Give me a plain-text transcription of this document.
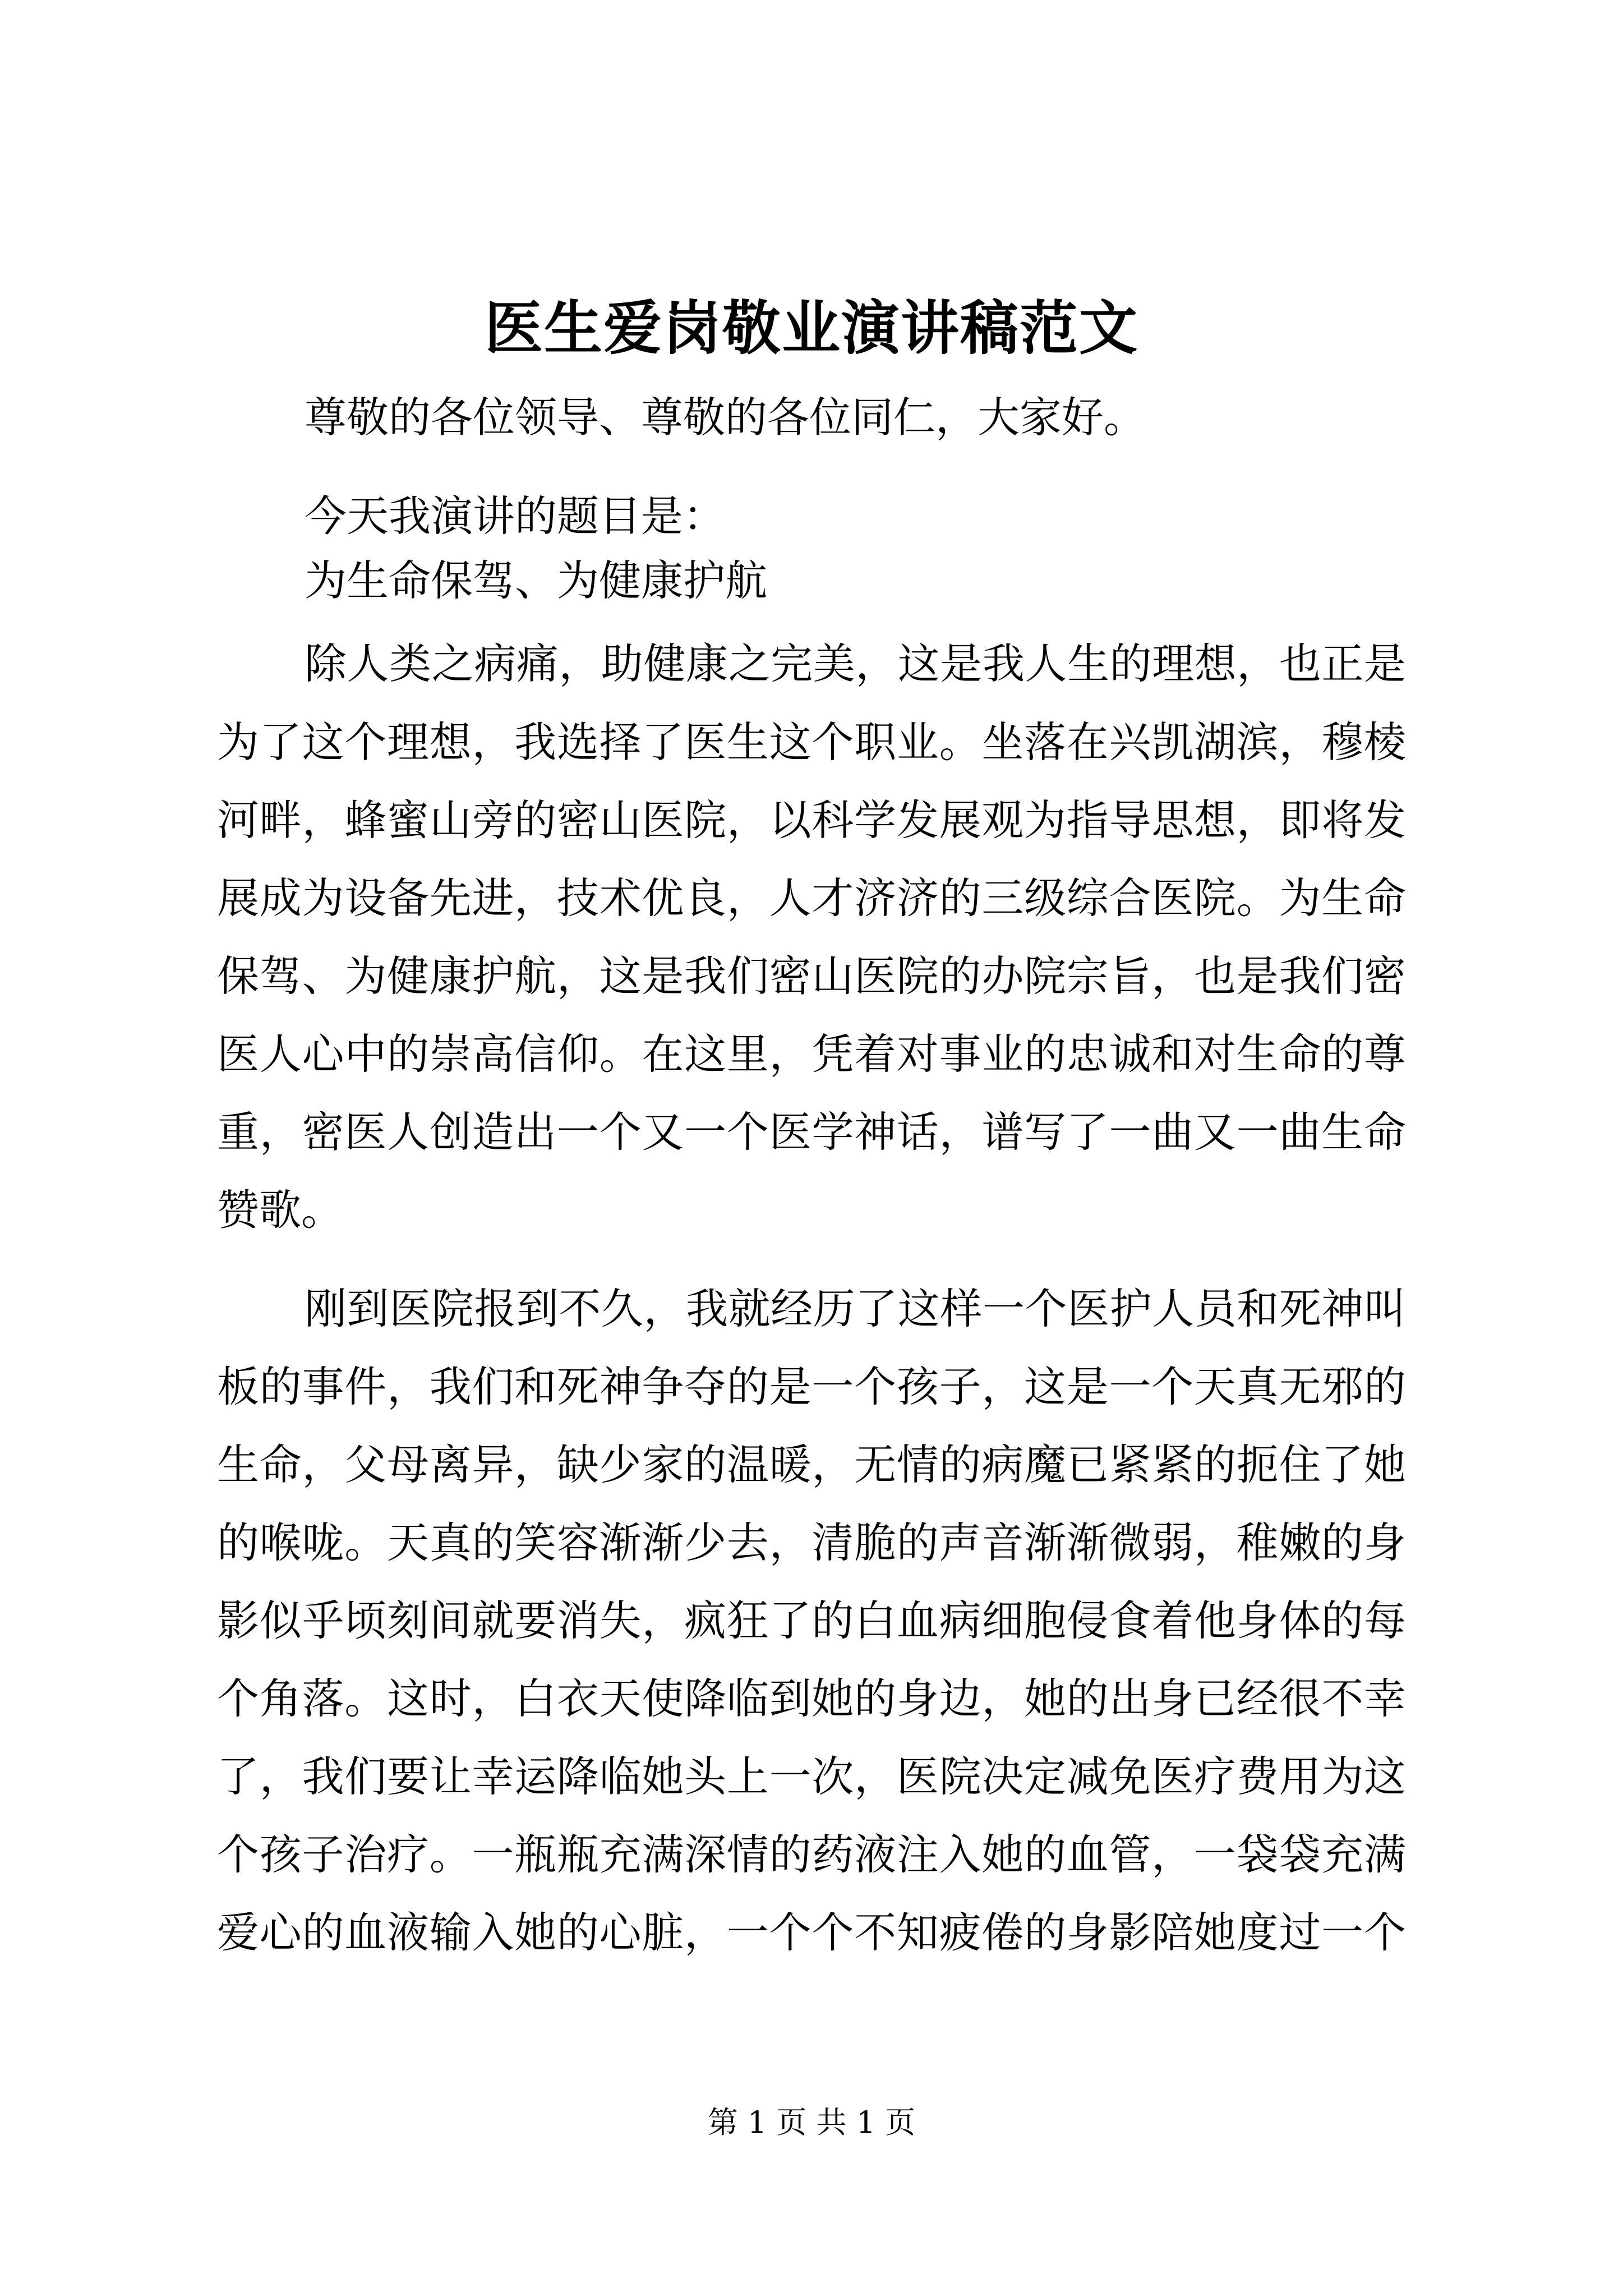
医生爱岗敬业演讲稿范文
尊敬的各位领导、尊敬的各位同仁，大家好。
今天我演讲的题目是：
为生命保驾、为健康护航
除人类之病痛，助健康之完美，这是我人生的理想，也正是
为了这个理想，我选择了医生这个职业。坐落在兴凯湖滨，穆棱
河畔，蜂蜜山旁的密山医院，以科学发展观为指导思想，即将发
展成为设备先进，技术优良，人才济济的三级综合医院。为生命
保驾、为健康护航，这是我们密山医院的办院宗旨，也是我们密
医人心中的崇高信仰。在这里，凭着对事业的忠诚和对生命的尊
重，密医人创造出一个又一个医学神话，谱写了一曲又一曲生命
赞歌。
刚到医院报到不久，我就经历了这样一个医护人员和死神叫
板的事件，我们和死神争夺的是一个孩子，这是一个天真无邪的
生命，父母离异，缺少家的温暖，无情的病魔已紧紧的扼住了她
的喉咙。天真的笑容渐渐少去，清脆的声音渐渐微弱，稚嫩的身
影似乎顷刻间就要消失，疯狂了的白血病细胞侵食着他身体的每
个角落。这时，白衣天使降临到她的身边，她的出身已经很不幸
了，我们要让幸运降临她头上一次，医院决定减免医疗费用为这
个孩子治疗。一瓶瓶充满深情的药液注入她的血管，一袋袋充满
爱心的血液输入她的心脏，一个个不知疲倦的身影陪她度过一个
第 1 页 共 1 页
